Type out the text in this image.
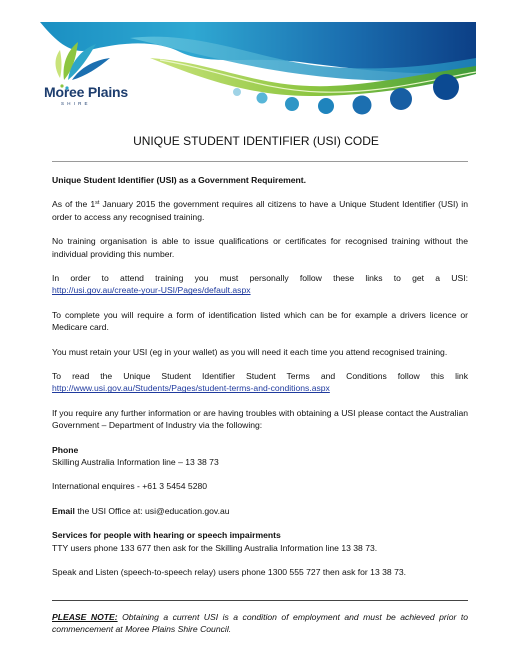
Moree Plains
SHIRE
UNIQUE STUDENT IDENTIFIER (USI) CODE

Unique Student Identifier (USI) as a Government Requirement.

As of the 1st January 2015 the government requires all citizens to have a Unique Student Identifier (USI) in order to access any recognised training.

No training organisation is able to issue qualifications or certificates for recognised training without the individual providing this number.

In order to attend training you must personally follow these links to get a USI:

http://usi.gov.au/create-your-USI/Pages/default.aspx

To complete you will require a form of identification listed which can be for example a drivers licence or Medicare card.

You must retain your USI (eg in your wallet) as you will need it each time you attend recognised training.

To read the Unique Student Identifier Student Terms and Conditions follow this link

http://www.usi.gov.au/Students/Pages/student-terms-and-conditions.aspx

If you require any further information or are having troubles with obtaining a USI please contact the Australian Government – Department of Industry via the following:

Phone

Skilling Australia Information line – 13 38 73

International enquires - +61 3 5454 5280

Email the USI Office at: usi@education.gov.au

Services for people with hearing or speech impairments

TTY users phone 133 677 then ask for the Skilling Australia Information line 13 38 73.

Speak and Listen (speech-to-speech relay) users phone 1300 555 727 then ask for 13 38 73.

PLEASE NOTE: Obtaining a current USI is a condition of employment and must be achieved prior to commencement at Moree Plains Shire Council.
